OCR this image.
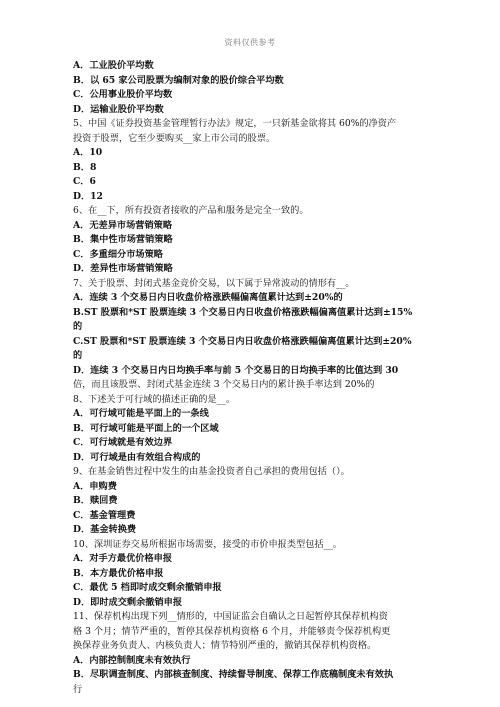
资料仅供参考
A．工业股价平均数
B．以 65 家公司股票为编制对象的股价综合平均数
C．公用事业股价平均数
D．运输业股价平均数
5、中国《证券投资基金管理暂行办法》规定，一只新基金欲将其 60%的净资产
投资于股票，它至少要购买__家上市公司的股票。
A．10
B．8
C．6
D．12
6、在__下，所有投资者接收的产品和服务是完全一致的。
A．无差异市场营销策略
B．集中性市场营销策略
C．多重细分市场策略
D．差异性市场营销策略
7、关于股票、封闭式基金竞价交易，以下属于异常波动的情形有__。
A．连续 3 个交易日内日收盘价格涨跌幅偏离值累计达到±20%的
B.ST 股票和*ST 股票连续 3 个交易日内日收盘价格涨跌幅偏离值累计达到±15%
的
C.ST 股票和*ST 股票连续 3 个交易日内日收盘价格涨跌幅偏离值累计达到±20%
的
D．连续 3 个交易日内日均换手率与前 5 个交易日的日均换手率的比值达到 30
倍，而且该股票、封闭式基金连续 3 个交易日内的累计换手率达到 20%的
8、下述关于可行域的描述正确的是__。
A．可行域可能是平面上的一条线
B．可行域可能是平面上的一个区域
C．可行域就是有效边界
D．可行域是由有效组合构成的
9、在基金销售过程中发生的由基金投资者自己承担的费用包括（）。
A．申购费
B．赎回费
C．基金管理费
D．基金转换费
10、深圳证券交易所根据市场需要，接受的市价申报类型包括__。
A．对手方最优价格申报
B．本方最优价格申报
C．最优 5 档即时成交剩余撤销申报
D．即时成交剩余撤销申报
11、保荐机构出现下列__情形的，中国证监会自确认之日起暂停其保荐机构资
格 3 个月；情节严重的，暂停其保荐机构资格 6 个月，并能够责令保荐机构更
换保荐业务负责人、内核负责人；情节特别严重的，撤销其保荐机构资格。
A．内部控制制度未有效执行
B．尽职调查制度、内部核查制度、持续督导制度、保荐工作底稿制度未有效执
行
